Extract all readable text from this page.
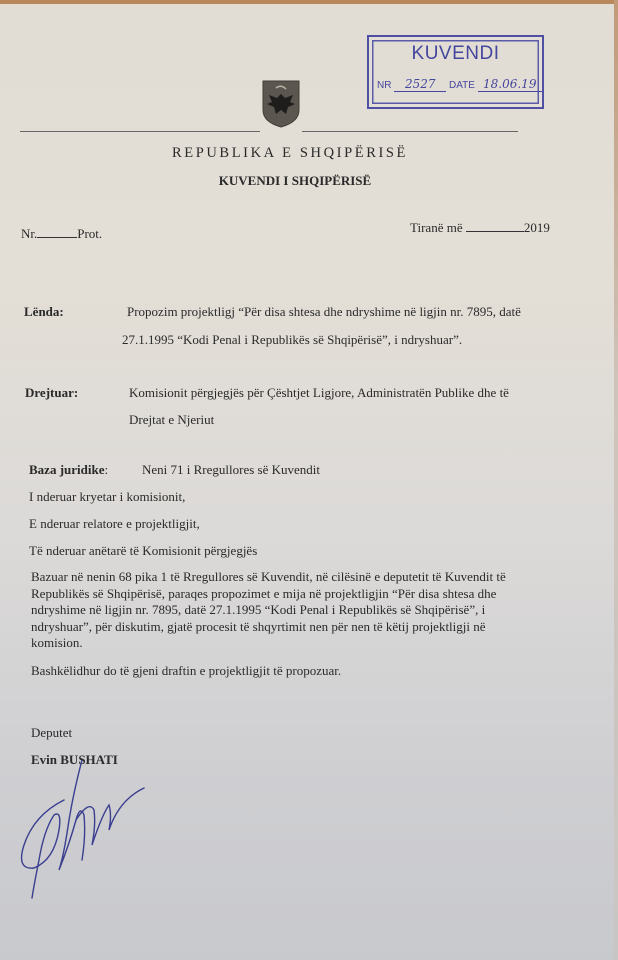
KUVENDI
NR 2527 DATE 18.06.19
REPUBLIKA E SHQIPËRISË
KUVENDI I SHQIPËRISË
Nr.	Prot.	Tiranë më	2019
Lënda:	Propozim projektligj “Për disa shtesa dhe ndryshime në ligjin nr. 7895, datë
27.1.1995 “Kodi Penal i Republikës së Shqipërisë”, i ndryshuar”.
Drejtuar:	Komisionit përgjegjës për Çështjet Ligjore, Administratën Publike dhe të
Drejtat e Njeriut
Baza juridike:	Neni 71 i Rregullores së Kuvendit
I nderuar kryetar i komisionit,
E nderuar relatore e projektligjit,
Të nderuar anëtarë të Komisionit përgjegjës
Bazuar në nenin 68 pika 1 të Rregullores së Kuvendit, në cilësinë e deputetit të Kuvendit të
Republikës së Shqipërisë, paraqes propozimet e mija në projektligjin “Për disa shtesa dhe
ndryshime në ligjin nr. 7895, datë 27.1.1995 “Kodi Penal i Republikës së Shqipërisë”, i
ndryshuar”, për diskutim, gjatë procesit të shqyrtimit nen për nen të këtij projektligji në
komision.
Bashkëlidhur do të gjeni draftin e projektligjit të propozuar.
Deputet
Evin BUSHATI
